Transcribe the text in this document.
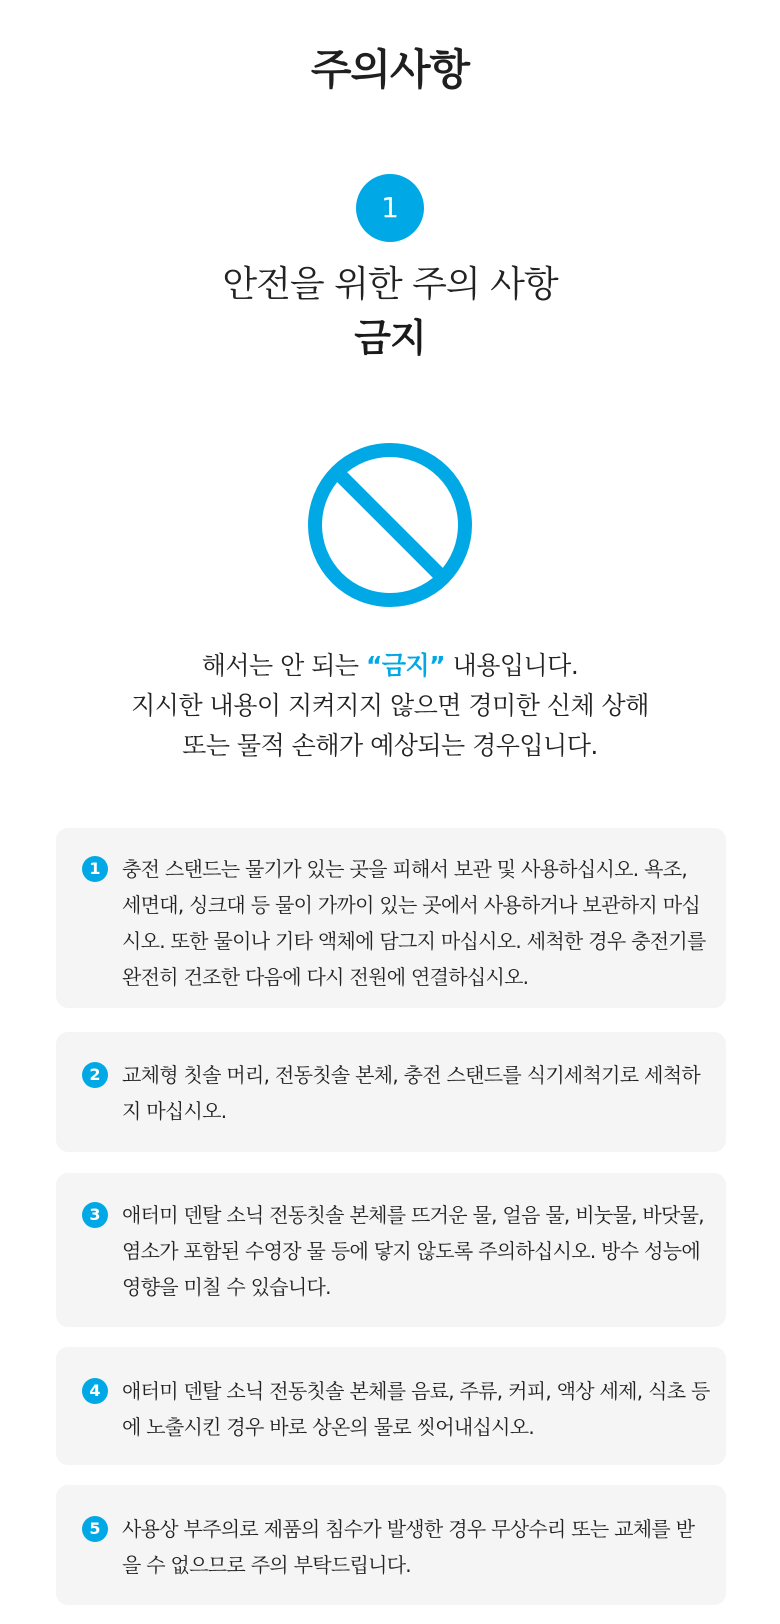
주의사항
1
안전을 위한 주의 사항
금지
해서는 안 되는 “금지” 내용입니다.
지시한 내용이 지켜지지 않으면 경미한 신체 상해
또는 물적 손해가 예상되는 경우입니다.
1	충전 스탠드는 물기가 있는 곳을 피해서 보관 및 사용하십시오. 욕조,
세면대, 싱크대 등 물이 가까이 있는 곳에서 사용하거나 보관하지 마십
시오. 또한 물이나 기타 액체에 담그지 마십시오. 세척한 경우 충전기를
완전히 건조한 다음에 다시 전원에 연결하십시오.
2	교체형 칫솔 머리, 전동칫솔 본체, 충전 스탠드를 식기세척기로 세척하
지 마십시오.
3	애터미 덴탈 소닉 전동칫솔 본체를 뜨거운 물, 얼음 물, 비눗물, 바닷물,
염소가 포함된 수영장 물 등에 닿지 않도록 주의하십시오. 방수 성능에
영향을 미칠 수 있습니다.
4	애터미 덴탈 소닉 전동칫솔 본체를 음료, 주류, 커피, 액상 세제, 식초 등
에 노출시킨 경우 바로 상온의 물로 씻어내십시오.
5	사용상 부주의로 제품의 침수가 발생한 경우 무상수리 또는 교체를 받
을 수 없으므로 주의 부탁드립니다.
